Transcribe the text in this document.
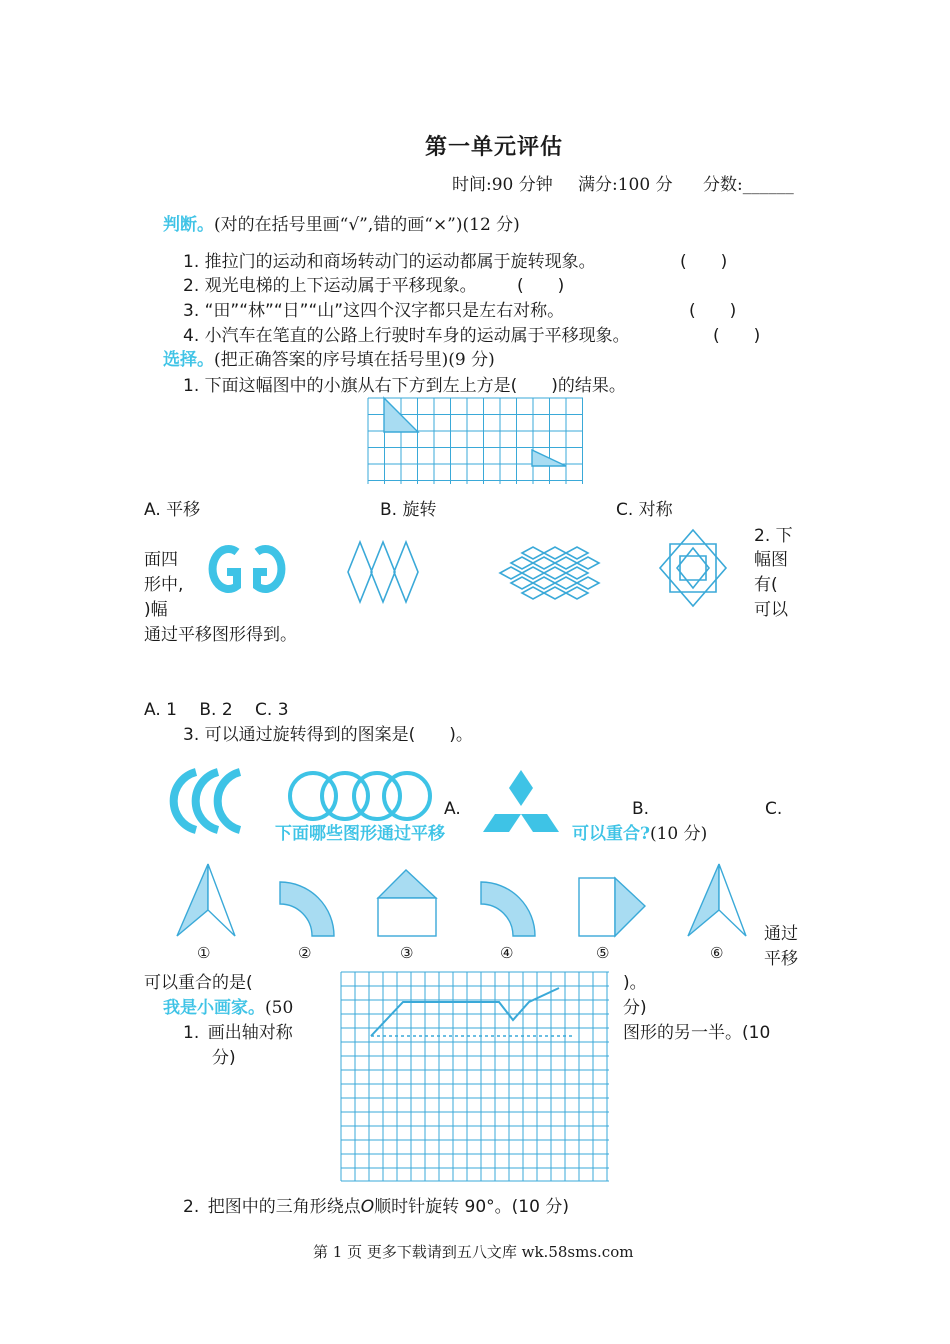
第一单元评估
时间:90 分钟 满分:100 分 分数:______
判断。(对的在括号里画“√”,错的画“×”)(12 分)
1. 推拉门的运动和商场转动门的运动都属于旋转现象。	(　　)
2. 观光电梯的上下运动属于平移现象。 (　　)
3. “田”“林”“日”“山”这四个汉字都只是左右对称。	(　　)
4. 小汽车在笔直的公路上行驶时车身的运动属于平移现象。	(　　)
选择。(把正确答案的序号填在括号里)(9 分)
1. 下面这幅图中的小旗从右下方到左上方是(　　)的结果。
A. 平移	B. 旋转	C. 对称
2. 下
幅图
有(
可以
面四
形中,
)幅
通过平移图形得到。
A. 1  B. 2  C. 3
3. 可以通过旋转得到的图案是(　　)。
A.	B.	C.
下面哪些图形通过平移	可以重合?(10 分)
①	②	③	④	⑤	⑥
通过
平移
可以重合的是(	)。
我是小画家。(50	分)
1. 画出轴对称
分)
图形的另一半。(10
2. 把图中的三角形绕点O顺时针旋转 90°。(10 分)
第 1 页 更多下载请到五八文库 wk.58sms.com
